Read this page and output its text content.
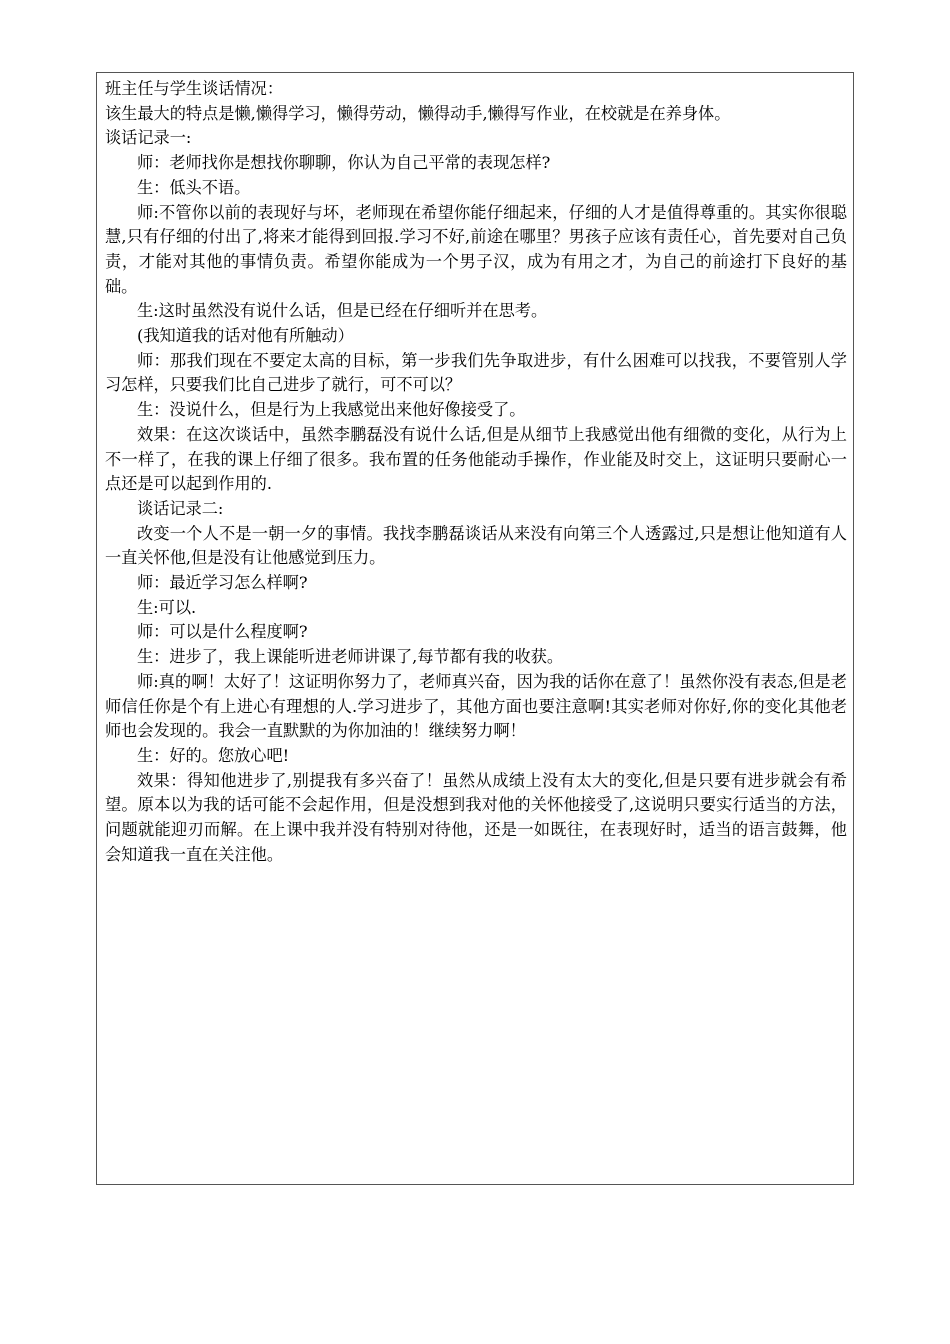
班主任与学生谈话情况：

该生最大的特点是懒,懒得学习，懒得劳动，懒得动手,懒得写作业，在校就是在养身体。

谈话记录一:

师：老师找你是想找你聊聊，你认为自己平常的表现怎样?

生：低头不语。

师:不管你以前的表现好与坏，老师现在希望你能仔细起来，仔细的人才是值得尊重的。其实你很聪慧,只有仔细的付出了,将来才能得到回报.学习不好,前途在哪里？男孩子应该有责任心，首先要对自己负责，才能对其他的事情负责。希望你能成为一个男子汉，成为有用之才，为自己的前途打下良好的基础。

生:这时虽然没有说什么话，但是已经在仔细听并在思考。

(我知道我的话对他有所触动）

师：那我们现在不要定太高的目标，第一步我们先争取进步，有什么困难可以找我，不要管别人学习怎样，只要我们比自己进步了就行，可不可以？

生：没说什么，但是行为上我感觉出来他好像接受了。

效果：在这次谈话中，虽然李鹏磊没有说什么话,但是从细节上我感觉出他有细微的变化，从行为上不一样了，在我的课上仔细了很多。我布置的任务他能动手操作，作业能及时交上，这证明只要耐心一点还是可以起到作用的.

谈话记录二:

改变一个人不是一朝一夕的事情。我找李鹏磊谈话从来没有向第三个人透露过,只是想让他知道有人一直关怀他,但是没有让他感觉到压力。

师：最近学习怎么样啊?

生:可以.

师：可以是什么程度啊?

生：进步了，我上课能听进老师讲课了,每节都有我的收获。

师:真的啊！太好了！这证明你努力了，老师真兴奋，因为我的话你在意了！虽然你没有表态,但是老师信任你是个有上进心有理想的人.学习进步了，其他方面也要注意啊!其实老师对你好,你的变化其他老师也会发现的。我会一直默默的为你加油的！继续努力啊！

生：好的。您放心吧!

效果：得知他进步了,别提我有多兴奋了！虽然从成绩上没有太大的变化,但是只要有进步就会有希望。原本以为我的话可能不会起作用，但是没想到我对他的关怀他接受了,这说明只要实行适当的方法，问题就能迎刃而解。在上课中我并没有特别对待他，还是一如既往，在表现好时，适当的语言鼓舞，他会知道我一直在关注他。
